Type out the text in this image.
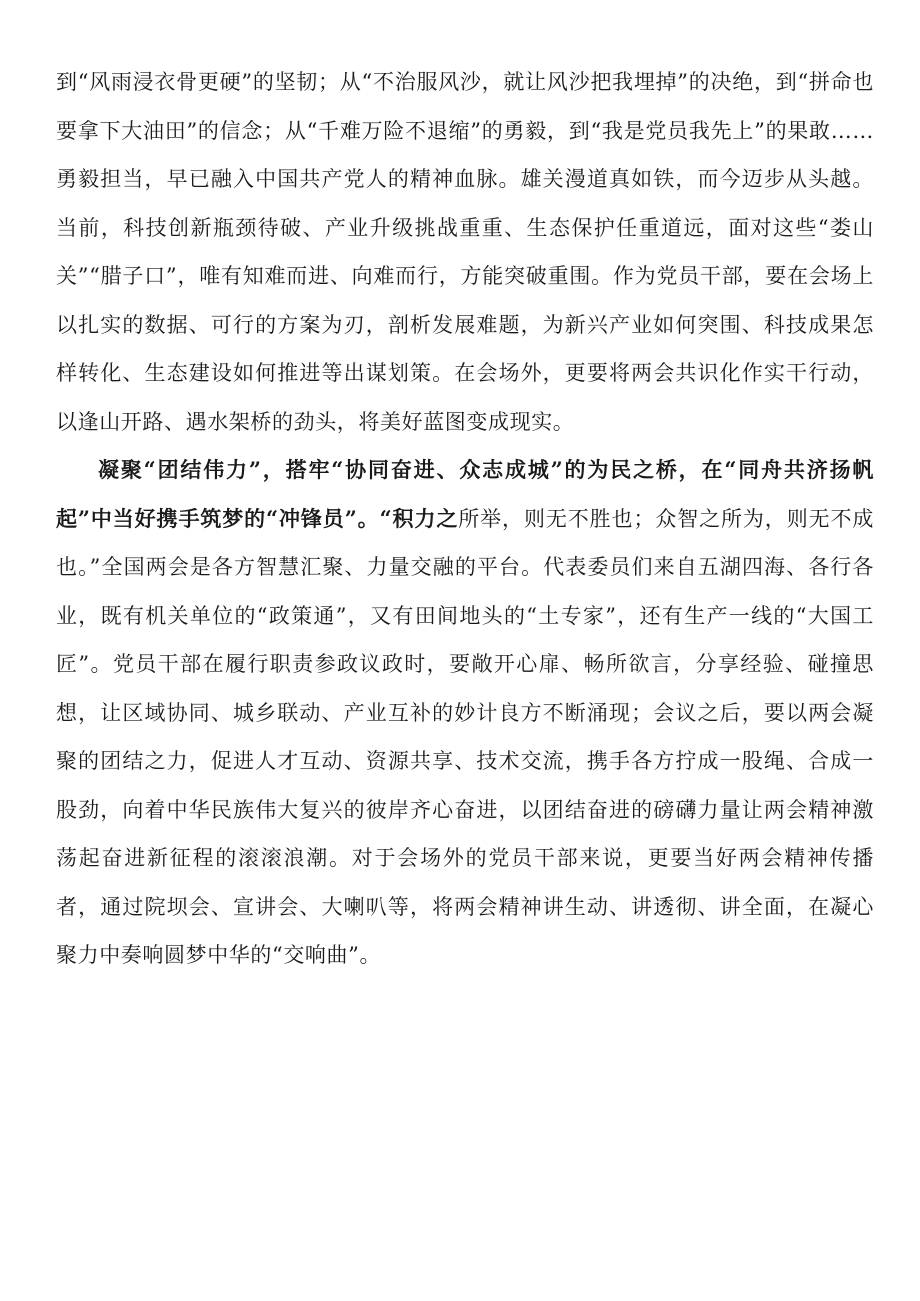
到“风雨浸衣骨更硬”的坚韧；从“不治服风沙，就让风沙把我埋掉”的决绝，到“拼命也要拿下大油田”的信念；从“千难万险不退缩”的勇毅，到“我是党员我先上”的果敢……勇毅担当，早已融入中国共产党人的精神血脉。雄关漫道真如铁，而今迈步从头越。当前，科技创新瓶颈待破、产业升级挑战重重、生态保护任重道远，面对这些“娄山关”“腊子口”，唯有知难而进、向难而行，方能突破重围。作为党员干部，要在会场上以扎实的数据、可行的方案为刃，剖析发展难题，为新兴产业如何突围、科技成果怎样转化、生态建设如何推进等出谋划策。在会场外，更要将两会共识化作实干行动，以逢山开路、遇水架桥的劲头，将美好蓝图变成现实。

凝聚“团结伟力”，搭牢“协同奋进、众志成城”的为民之桥，在“同舟共济扬帆起”中当好携手筑梦的“冲锋员”。“积力之所举，则无不胜也；众智之所为，则无不成也。”全国两会是各方智慧汇聚、力量交融的平台。代表委员们来自五湖四海、各行各业，既有机关单位的“政策通”，又有田间地头的“土专家”，还有生产一线的“大国工匠”。党员干部在履行职责参政议政时，要敞开心扉、畅所欲言，分享经验、碰撞思想，让区域协同、城乡联动、产业互补的妙计良方不断涌现；会议之后，要以两会凝聚的团结之力，促进人才互动、资源共享、技术交流，携手各方拧成一股绳、合成一股劲，向着中华民族伟大复兴的彼岸齐心奋进，以团结奋进的磅礴力量让两会精神激荡起奋进新征程的滚滚浪潮。对于会场外的党员干部来说，更要当好两会精神传播者，通过院坝会、宣讲会、大喇叭等，将两会精神讲生动、讲透彻、讲全面，在凝心聚力中奏响圆梦中华的“交响曲”。
